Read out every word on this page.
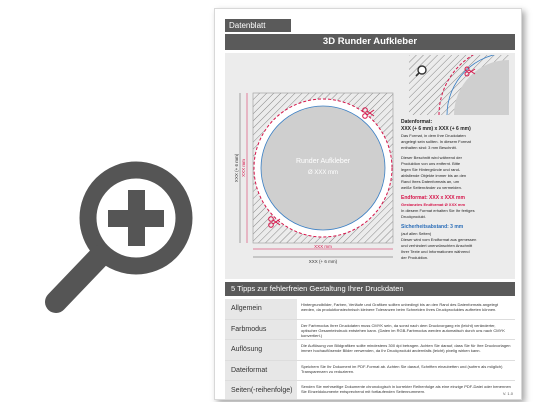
Datenblatt
3D Runder Aufkleber
Runder Aufkleber
Ø XXX mm
XXX mm
XXX (+ 6 mm)
XXX mm
XXX (+ 6 mm)
Datenformat:
XXX (+ 6 mm) x XXX (+ 6 mm)
Das Format, in dem Ihre Druckdaten
angelegt sein sollten. In diesem Format
enthalten sind: 3 mm Beschnitt.
Dieser Beschnitt wird während der
Produktion von uns entfernt. Bitte
legen Sie Hintergründe und rand-
abfallende Objekte immer bis an den
Rand Ihres Datenformats an, um
weiße Seitenränder zu vermeiden.
Endformat: XXX x XXX mm
Gestanztes Endformat Ø XXX mm
In diesem Format erhalten Sie Ihr fertiges
Druckprodukt.
Sicherheitsabstand: 3 mm
(auf allen Seiten)
Dieser wird vom Endformat aus gemessen
und verhindert unerwünschten Anschnitt
Ihrer Texte und Informationen während
der Produktion.
5 Tipps zur fehlerfreien Gestaltung Ihrer Druckdaten
Allgemein
Hintergrundbilder, Farben, Verläufe und Grafiken sollten unbedingt bis an den Rand des Datenformats angelegt werden, da produktionstechnisch kleinere Toleranzen beim Schneiden Ihres Druckproduktes auftreten können.
Farbmodus
Der Farbmodus Ihrer Druckdaten muss CMYK sein, da sonst nach dem Druckvorgang ein (leicht) veränderter, optischer Gesamteindruck entstehen kann. (Daten im RGB-Farbmodus werden automatisch durch uns nach CMYK konvertiert.)
Auflösung
Die Auflösung von Bildgrafiken sollte mindestens 300 dpi betragen. Achten Sie darauf, dass Sie für Ihre Druckvorlagen immer hochauflösende Bilder verwenden, da Ihr Druckprodukt andernfalls (leicht) pixelig wirken kann.
Dateiformat
Speichern Sie Ihr Dokument im PDF-Format ab. Achten Sie darauf, Schriften einzubetten und (sofern als möglich) Transparenzen zu reduzieren.
Seiten(-reihenfolge)
Senden Sie mehrseitige Dokumente chronologisch in korrekter Reihenfolge als eine einzige PDF-Datei oder benennen Sie Einzeldokumente entsprechend mit fortlaufenden Seitennummern.	V. 1.0
